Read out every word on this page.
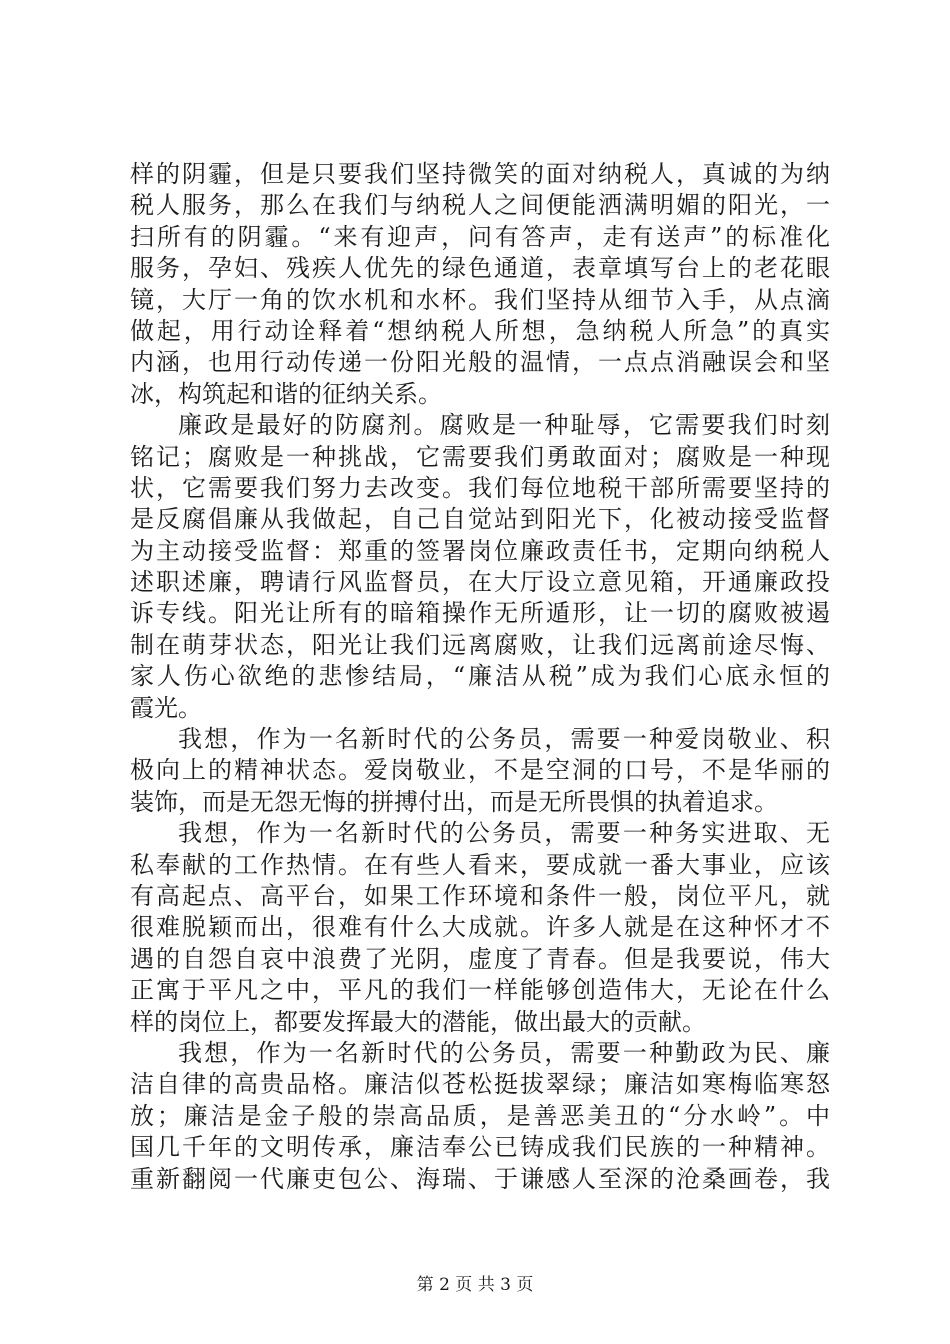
样的阴霾，但是只要我们坚持微笑的面对纳税人，真诚的为纳
税人服务，那么在我们与纳税人之间便能洒满明媚的阳光，一
扫所有的阴霾。“来有迎声，问有答声，走有送声”的标准化
服务，孕妇、残疾人优先的绿色通道，表章填写台上的老花眼
镜，大厅一角的饮水机和水杯。我们坚持从细节入手，从点滴
做起，用行动诠释着“想纳税人所想，急纳税人所急”的真实
内涵，也用行动传递一份阳光般的温情，一点点消融误会和坚
冰，构筑起和谐的征纳关系。
廉政是最好的防腐剂。腐败是一种耻辱，它需要我们时刻
铭记；腐败是一种挑战，它需要我们勇敢面对；腐败是一种现
状，它需要我们努力去改变。我们每位地税干部所需要坚持的
是反腐倡廉从我做起，自己自觉站到阳光下，化被动接受监督
为主动接受监督：郑重的签署岗位廉政责任书，定期向纳税人
述职述廉，聘请行风监督员，在大厅设立意见箱，开通廉政投
诉专线。阳光让所有的暗箱操作无所遁形，让一切的腐败被遏
制在萌芽状态，阳光让我们远离腐败，让我们远离前途尽悔、
家人伤心欲绝的悲惨结局，“廉洁从税”成为我们心底永恒的
霞光。
我想，作为一名新时代的公务员，需要一种爱岗敬业、积
极向上的精神状态。爱岗敬业，不是空洞的口号，不是华丽的
装饰，而是无怨无悔的拼搏付出，而是无所畏惧的执着追求。
我想，作为一名新时代的公务员，需要一种务实进取、无
私奉献的工作热情。在有些人看来，要成就一番大事业，应该
有高起点、高平台，如果工作环境和条件一般，岗位平凡，就
很难脱颖而出，很难有什么大成就。许多人就是在这种怀才不
遇的自怨自哀中浪费了光阴，虚度了青春。但是我要说，伟大
正寓于平凡之中，平凡的我们一样能够创造伟大，无论在什么
样的岗位上，都要发挥最大的潜能，做出最大的贡献。
我想，作为一名新时代的公务员，需要一种勤政为民、廉
洁自律的高贵品格。廉洁似苍松挺拔翠绿；廉洁如寒梅临寒怒
放；廉洁是金子般的崇高品质，是善恶美丑的“分水岭”。中
国几千年的文明传承，廉洁奉公已铸成我们民族的一种精神。
重新翻阅一代廉吏包公、海瑞、于谦感人至深的沧桑画卷，我
第 2 页 共 3 页
